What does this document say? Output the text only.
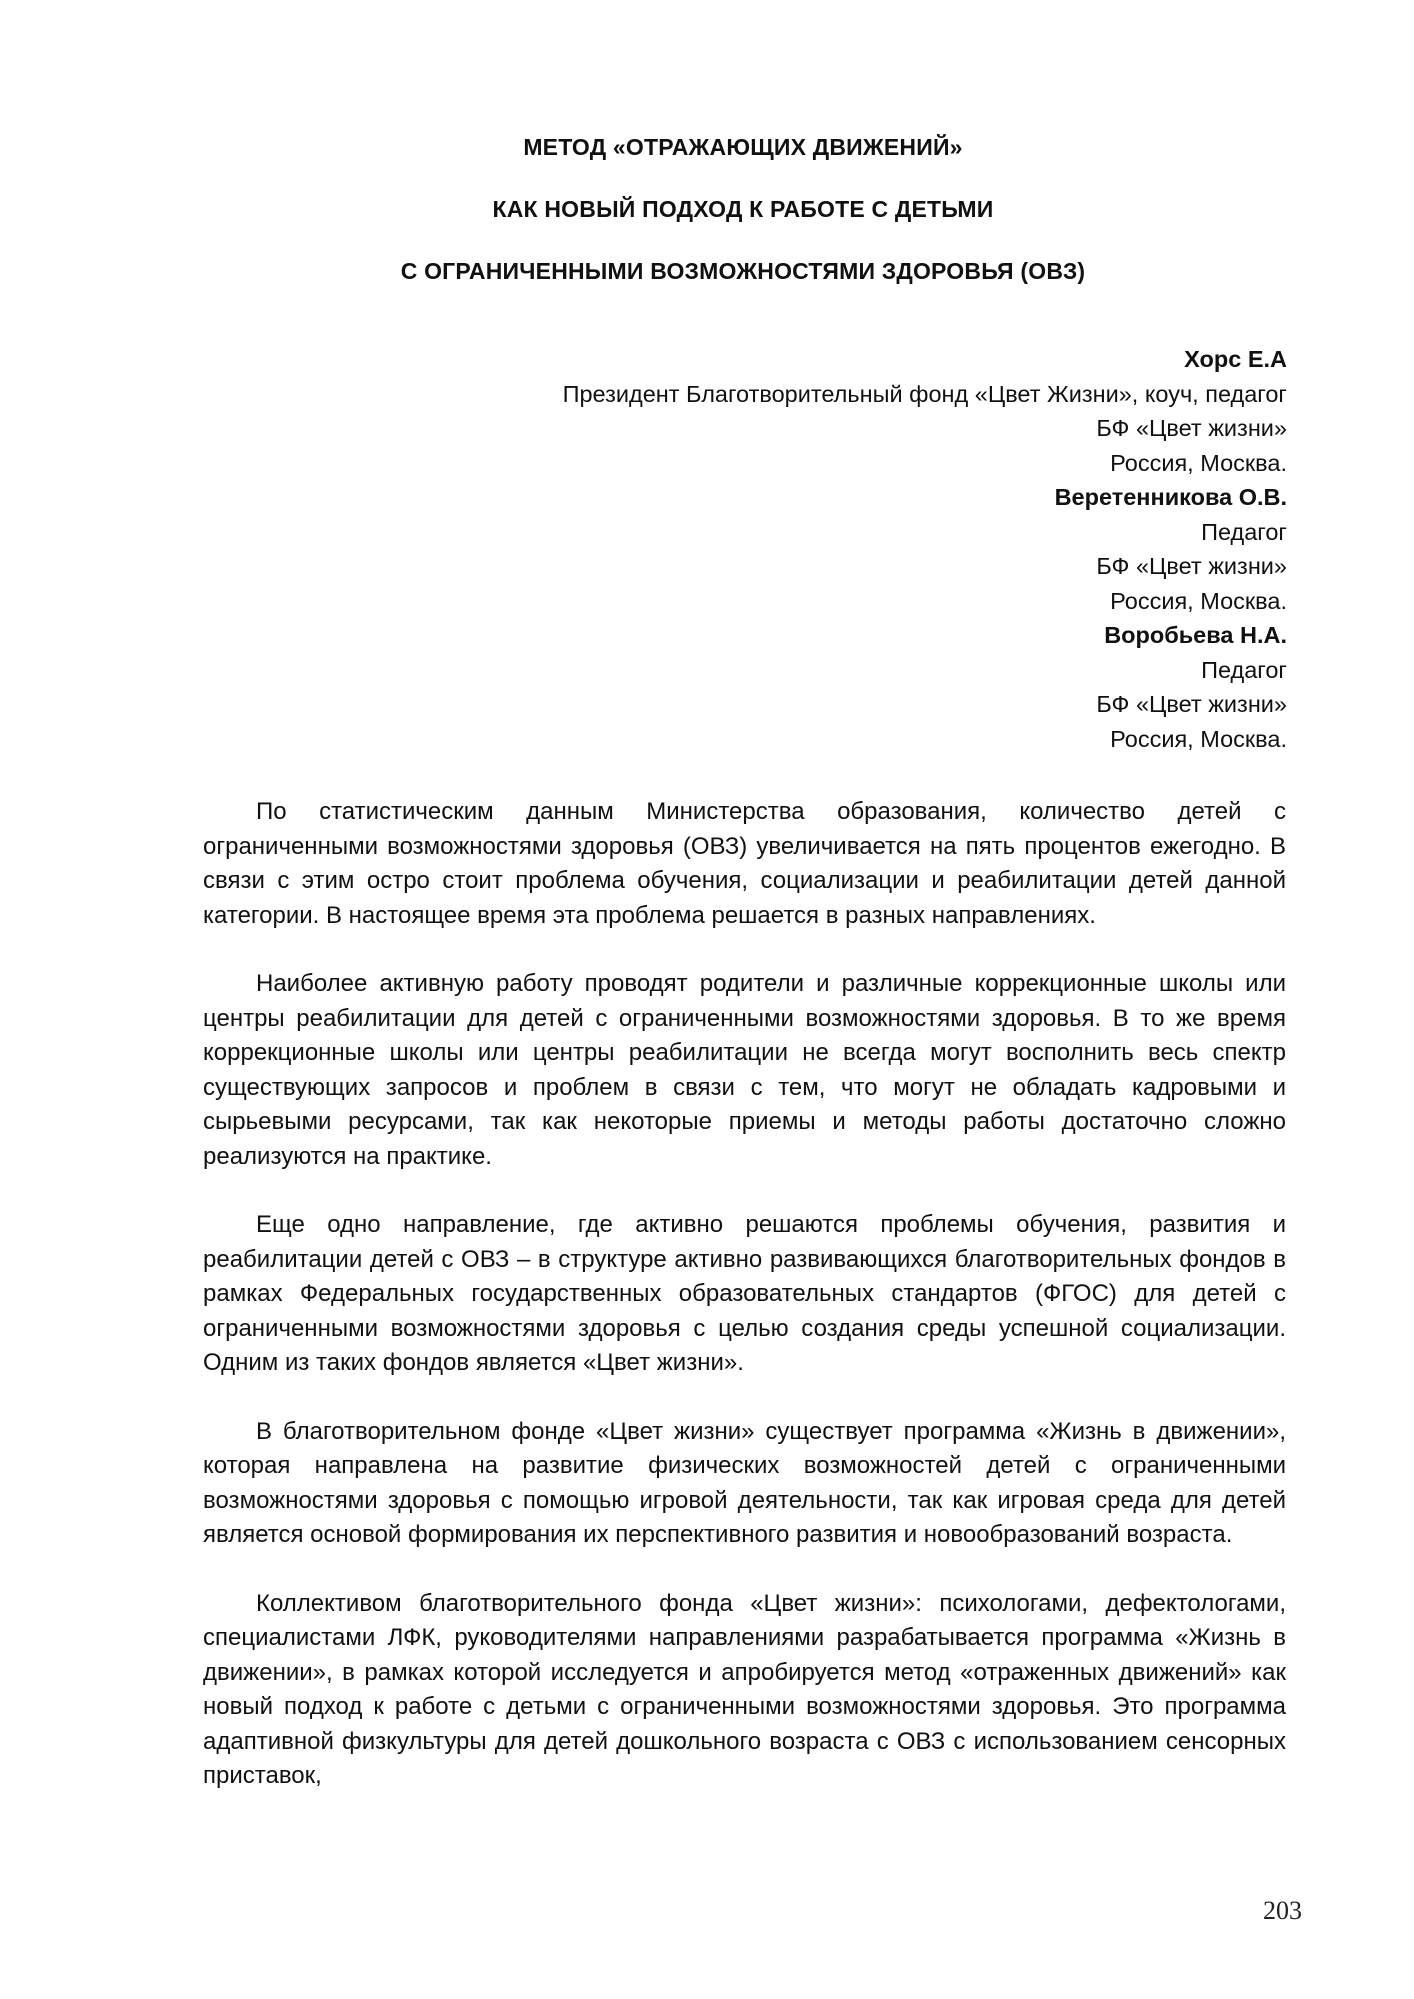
МЕТОД «ОТРАЖАЮЩИХ ДВИЖЕНИЙ»

КАК НОВЫЙ ПОДХОД К РАБОТЕ С ДЕТЬМИ

С ОГРАНИЧЕННЫМИ ВОЗМОЖНОСТЯМИ ЗДОРОВЬЯ (ОВЗ)

Хорс Е.А
Президент Благотворительный фонд «Цвет Жизни», коуч, педагог
БФ «Цвет жизни»
Россия, Москва.
Веретенникова О.В.
Педагог
БФ «Цвет жизни»
Россия, Москва.
Воробьева Н.А.
Педагог
БФ «Цвет жизни»
Россия, Москва.

По статистическим данным Министерства образования, количество детей с ограниченными возможностями здоровья (ОВЗ) увеличивается на пять процентов ежегодно. В связи с этим остро стоит проблема обучения, социализации и реабилитации детей данной категории. В настоящее время эта проблема решается в разных направлениях.

Наиболее активную работу проводят родители и различные коррекционные школы или центры реабилитации для детей с ограниченными возможностями здоровья. В то же время коррекционные школы или центры реабилитации не всегда могут восполнить весь спектр существующих запросов и проблем в связи с тем, что могут не обладать кадровыми и сырьевыми ресурсами, так как некоторые приемы и методы работы достаточно сложно реализуются на практике.

Еще одно направление, где активно решаются проблемы обучения, развития и реабилитации детей с ОВЗ – в структуре активно развивающихся благотворительных фондов в рамках Федеральных государственных образовательных стандартов (ФГОС) для детей с ограниченными возможностями здоровья с целью создания среды успешной социализации. Одним из таких фондов является «Цвет жизни».

В благотворительном фонде «Цвет жизни» существует программа «Жизнь в движении», которая направлена на развитие физических возможностей детей с ограниченными возможностями здоровья с помощью игровой деятельности, так как игровая среда для детей является основой формирования их перспективного развития и новообразований возраста.

Коллективом благотворительного фонда «Цвет жизни»: психологами, дефектологами, специалистами ЛФК, руководителями направлениями разрабатывается программа «Жизнь в движении», в рамках которой исследуется и апробируется метод «отраженных движений» как новый подход к работе с детьми с ограниченными возможностями здоровья. Это программа адаптивной физкультуры для детей дошкольного возраста с ОВЗ с использованием сенсорных приставок,

203
